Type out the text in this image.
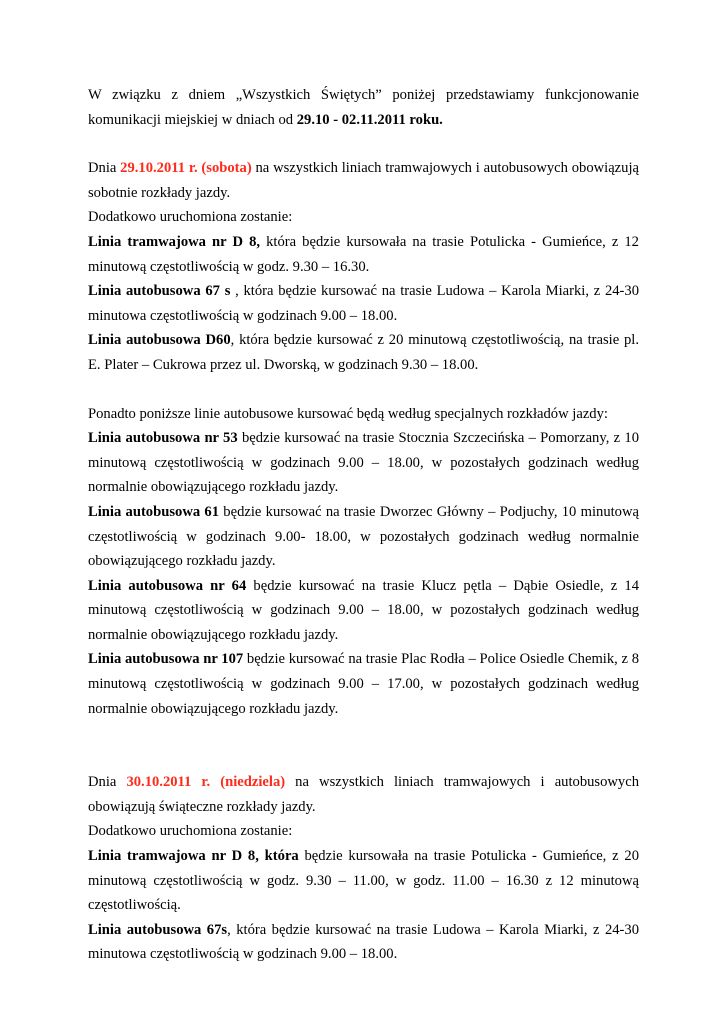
W związku z dniem „Wszystkich Świętych” poniżej przedstawiamy funkcjonowanie komunikacji miejskiej w dniach od 29.10 - 02.11.2011 roku.

Dnia 29.10.2011 r. (sobota) na wszystkich liniach tramwajowych i autobusowych obowiązują sobotnie rozkłady jazdy.

Dodatkowo uruchomiona zostanie:

Linia tramwajowa nr D 8, która będzie kursowała na trasie Potulicka - Gumieńce, z 12 minutową częstotliwością w godz. 9.30 – 16.30.

Linia autobusowa 67 s , która będzie kursować na trasie Ludowa – Karola Miarki, z 24-30 minutowa częstotliwością w godzinach 9.00 – 18.00.

Linia autobusowa D60, która będzie kursować z 20 minutową częstotliwością, na trasie pl. E. Plater – Cukrowa przez ul. Dworską, w godzinach 9.30 – 18.00.

Ponadto poniższe linie autobusowe kursować będą według specjalnych rozkładów jazdy:

Linia autobusowa nr 53 będzie kursować na trasie Stocznia Szczecińska – Pomorzany, z 10 minutową częstotliwością w godzinach 9.00 – 18.00, w pozostałych godzinach według normalnie obowiązującego rozkładu jazdy.

Linia autobusowa 61 będzie kursować na trasie Dworzec Główny – Podjuchy, 10 minutową częstotliwością w godzinach 9.00- 18.00, w pozostałych godzinach według normalnie obowiązującego rozkładu jazdy.

Linia autobusowa nr 64 będzie kursować na trasie Klucz pętla – Dąbie Osiedle, z 14 minutową częstotliwością w godzinach 9.00 – 18.00, w pozostałych godzinach według normalnie obowiązującego rozkładu jazdy.

Linia autobusowa nr 107 będzie kursować na trasie Plac Rodła – Police Osiedle Chemik, z 8 minutową częstotliwością w godzinach 9.00 – 17.00, w pozostałych godzinach według normalnie obowiązującego rozkładu jazdy.

Dnia 30.10.2011 r. (niedziela) na wszystkich liniach tramwajowych i autobusowych obowiązują świąteczne rozkłady jazdy.

Dodatkowo uruchomiona zostanie:

Linia tramwajowa nr D 8, która będzie kursowała na trasie Potulicka - Gumieńce, z 20 minutową częstotliwością w godz. 9.30 – 11.00, w godz. 11.00 – 16.30 z 12 minutową częstotliwością.

Linia autobusowa 67s, która będzie kursować na trasie Ludowa – Karola Miarki, z 24-30 minutowa częstotliwością w godzinach 9.00 – 18.00.
